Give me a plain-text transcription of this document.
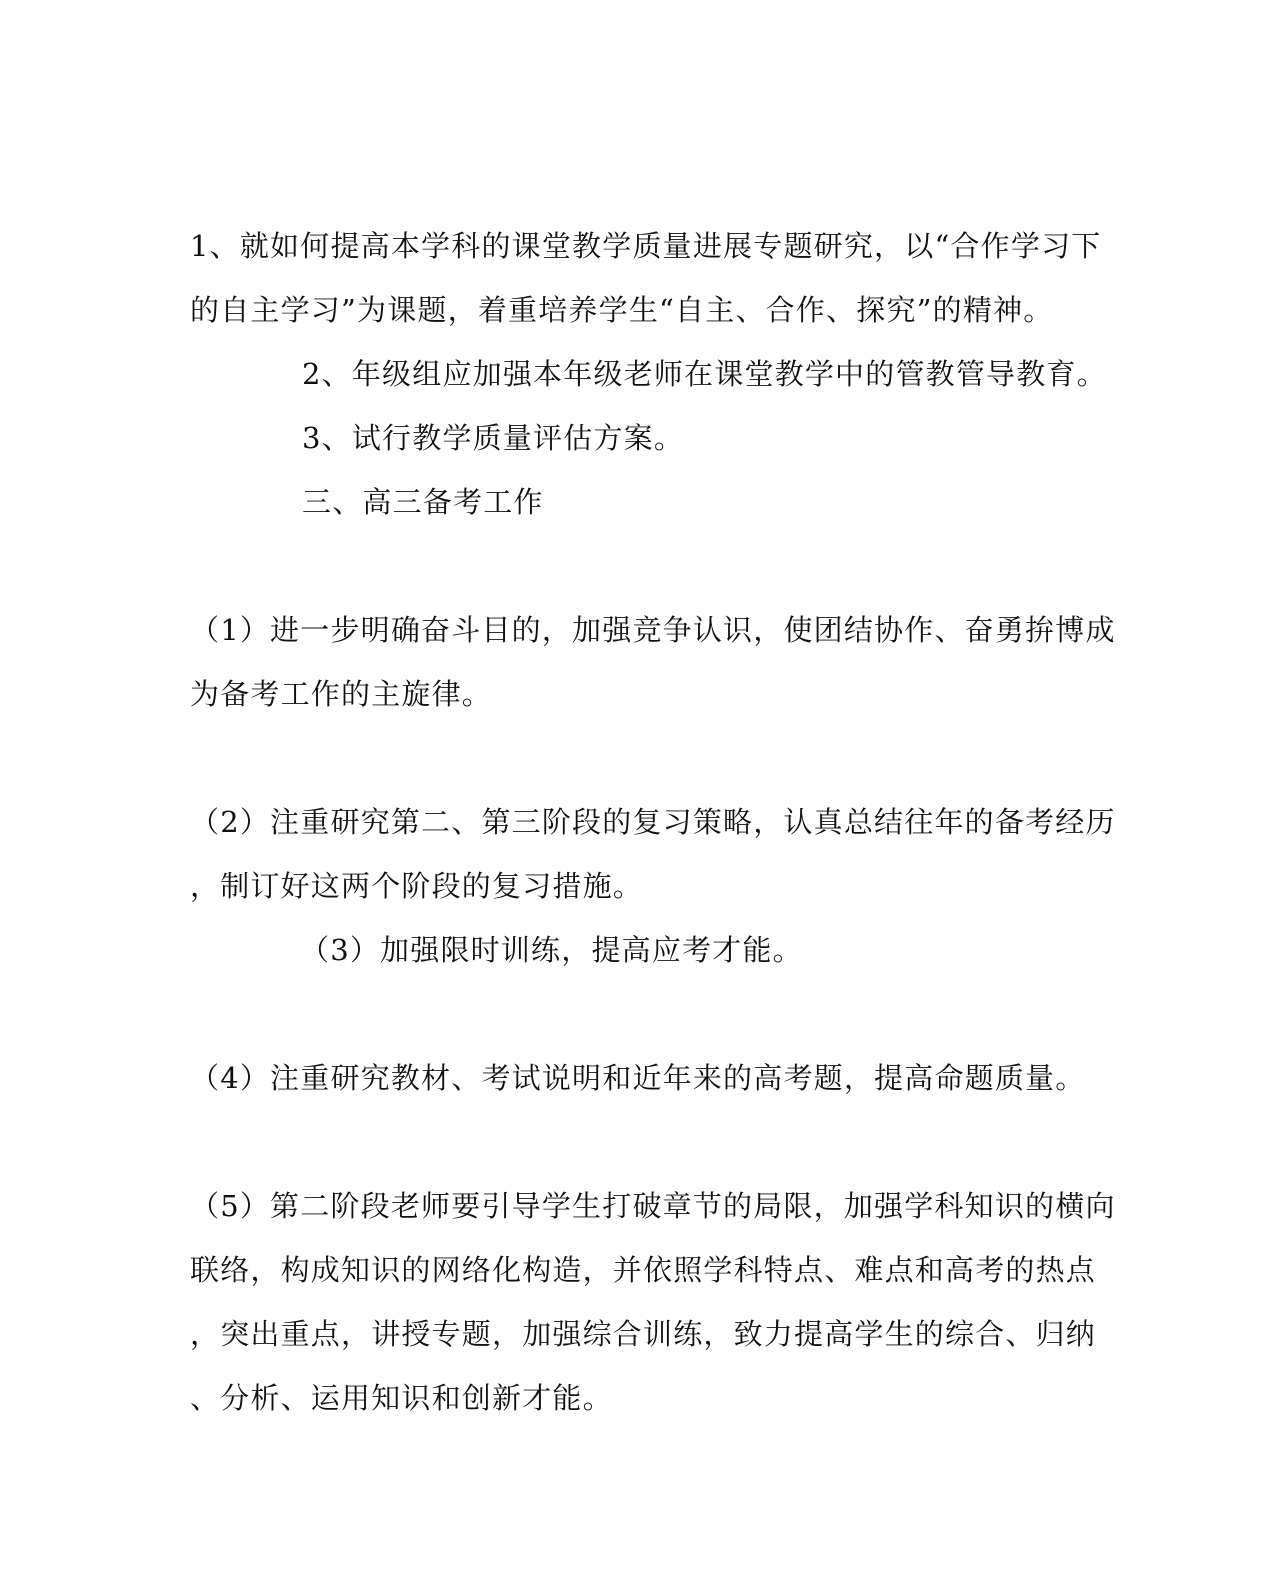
1、就如何提高本学科的课堂教学质量进展专题研究，以“合作学习下
的自主学习”为课题，着重培养学生“自主、合作、探究”的精神。
2、年级组应加强本年级老师在课堂教学中的管教管导教育。
3、试行教学质量评估方案。
三、高三备考工作
（1）进一步明确奋斗目的，加强竞争认识，使团结协作、奋勇拚博成
为备考工作的主旋律。
（2）注重研究第二、第三阶段的复习策略，认真总结往年的备考经历
，制订好这两个阶段的复习措施。
（3）加强限时训练，提高应考才能。
（4）注重研究教材、考试说明和近年来的高考题，提高命题质量。
（5）第二阶段老师要引导学生打破章节的局限，加强学科知识的横向
联络，构成知识的网络化构造，并依照学科特点、难点和高考的热点
，突出重点，讲授专题，加强综合训练，致力提高学生的综合、归纳
、分析、运用知识和创新才能。
